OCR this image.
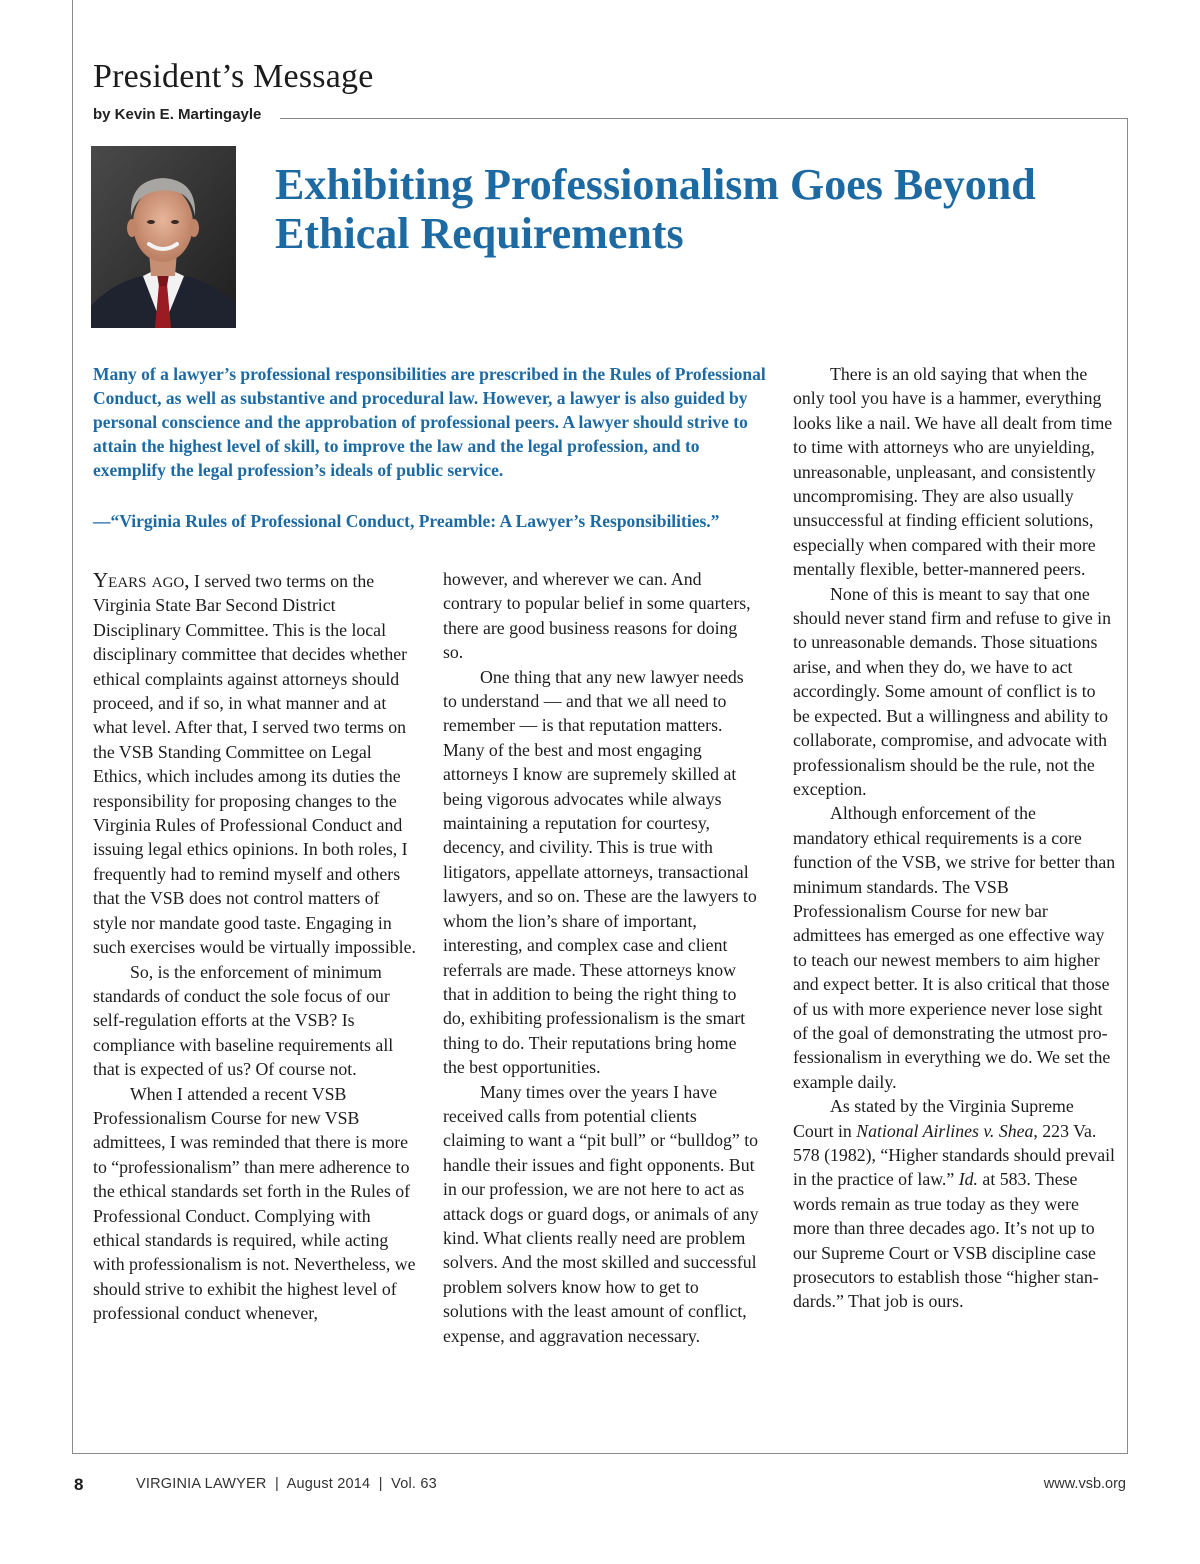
President’s Message
by Kevin E. Martingayle
Exhibiting Professionalism Goes Beyond Ethical Requirements

Many of a lawyer’s professional responsibilities are prescribed in the Rules of Professional Conduct, as well as substantive and procedural law. However, a lawyer is also guided by personal conscience and the approbation of professional peers. A lawyer should strive to attain the highest level of skill, to improve the law and the legal profession, and to exemplify the legal profession’s ideals of public service.

—“Virginia Rules of Professional Conduct, Preamble: A Lawyer’s Responsibilities.”

Years ago, I served two terms on the Virginia State Bar Second District Disciplinary Committee. This is the local disciplinary committee that decides whether ethical complaints against attorneys should proceed, and if so, in what manner and at what level. After that, I served two terms on the VSB Standing Committee on Legal Ethics, which includes among its duties the responsibility for proposing changes to the Virginia Rules of Professional Conduct and issuing legal ethics opinions. In both roles, I frequently had to remind myself and others that the VSB does not control matters of style nor mandate good taste. Engaging in such exercises would be virtually impossible.

So, is the enforcement of minimum standards of conduct the sole focus of our self-regulation efforts at the VSB? Is compliance with baseline requirements all that is expected of us? Of course not.

When I attended a recent VSB Professionalism Course for new VSB admittees, I was reminded that there is more to “professionalism” than mere adherence to the ethical standards set forth in the Rules of Professional Conduct. Complying with ethical standards is required, while acting with professionalism is not. Nevertheless, we should strive to exhibit the highest level of professional conduct whenever,

however, and wherever we can. And contrary to popular belief in some quarters, there are good business reasons for doing so.

One thing that any new lawyer needs to understand — and that we all need to remember — is that reputation matters. Many of the best and most engaging attorneys I know are supremely skilled at being vigorous advocates while always maintaining a reputation for courtesy, decency, and civility. This is true with litigators, appellate attorneys, transactional lawyers, and so on. These are the lawyers to whom the lion’s share of important, interesting, and complex case and client referrals are made. These attorneys know that in addition to being the right thing to do, exhibiting professionalism is the smart thing to do. Their reputations bring home the best opportunities.

Many times over the years I have received calls from potential clients claiming to want a “pit bull” or “bulldog” to handle their issues and fight opponents. But in our profession, we are not here to act as attack dogs or guard dogs, or animals of any kind. What clients really need are problem solvers. And the most skilled and successful problem solvers know how to get to solutions with the least amount of conflict, expense, and aggravation necessary.

There is an old saying that when the only tool you have is a hammer, everything looks like a nail. We have all dealt from time to time with attorneys who are unyielding, unreasonable, unpleasant, and consistently uncompromising. They are also usually unsuccessful at finding efficient solutions, especially when compared with their more mentally flexible, better-mannered peers.

None of this is meant to say that one should never stand firm and refuse to give in to unreasonable demands. Those situations arise, and when they do, we have to act accordingly. Some amount of conflict is to be expected. But a willingness and ability to collaborate, compromise, and advocate with professionalism should be the rule, not the exception.

Although enforcement of the mandatory ethical requirements is a core function of the VSB, we strive for better than minimum standards. The VSB Professionalism Course for new bar admittees has emerged as one effective way to teach our newest members to aim higher and expect better. It is also critical that those of us with more experience never lose sight of the goal of demonstrating the utmost professionalism in everything we do. We set the example daily.

As stated by the Virginia Supreme Court in National Airlines v. Shea, 223 Va. 578 (1982), “Higher standards should prevail in the practice of law.” Id. at 583. These words remain as true today as they were more than three decades ago. It’s not up to our Supreme Court or VSB discipline case prosecutors to establish those “higher standards.” That job is ours.

8	VIRGINIA LAWYER  |  August 2014  |  Vol. 63	www.vsb.org
